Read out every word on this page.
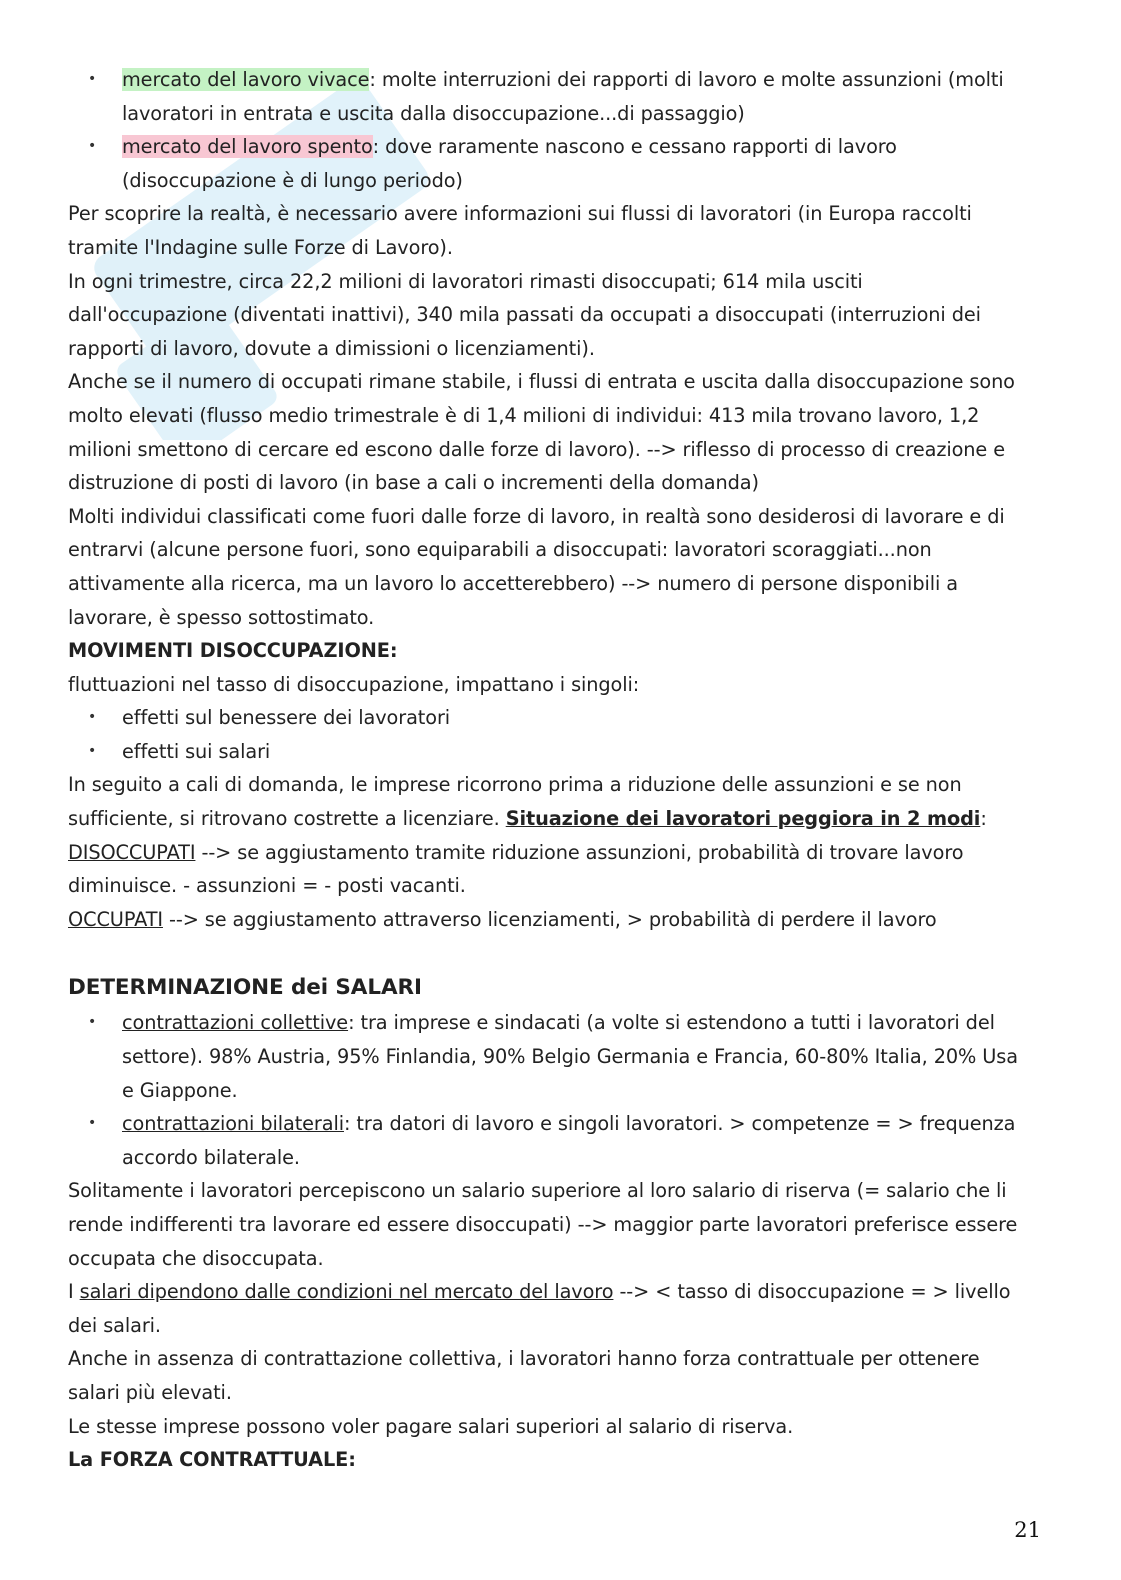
• mercato del lavoro vivace: molte interruzioni dei rapporti di lavoro e molte assunzioni (molti
lavoratori in entrata e uscita dalla disoccupazione...di passaggio)
• mercato del lavoro spento: dove raramente nascono e cessano rapporti di lavoro
(disoccupazione è di lungo periodo)
Per scoprire la realtà, è necessario avere informazioni sui flussi di lavoratori (in Europa raccolti
tramite l'Indagine sulle Forze di Lavoro).
In ogni trimestre, circa 22,2 milioni di lavoratori rimasti disoccupati; 614 mila usciti
dall'occupazione (diventati inattivi), 340 mila passati da occupati a disoccupati (interruzioni dei
rapporti di lavoro, dovute a dimissioni o licenziamenti).
Anche se il numero di occupati rimane stabile, i flussi di entrata e uscita dalla disoccupazione sono
molto elevati (flusso medio trimestrale è di 1,4 milioni di individui: 413 mila trovano lavoro, 1,2
milioni smettono di cercare ed escono dalle forze di lavoro). --> riflesso di processo di creazione e
distruzione di posti di lavoro (in base a cali o incrementi della domanda)
Molti individui classificati come fuori dalle forze di lavoro, in realtà sono desiderosi di lavorare e di
entrarvi (alcune persone fuori, sono equiparabili a disoccupati: lavoratori scoraggiati...non
attivamente alla ricerca, ma un lavoro lo accetterebbero) --> numero di persone disponibili a
lavorare, è spesso sottostimato.
MOVIMENTI DISOCCUPAZIONE:
fluttuazioni nel tasso di disoccupazione, impattano i singoli:
• effetti sul benessere dei lavoratori
• effetti sui salari
In seguito a cali di domanda, le imprese ricorrono prima a riduzione delle assunzioni e se non
sufficiente, si ritrovano costrette a licenziare. Situazione dei lavoratori peggiora in 2 modi:
DISOCCUPATI --> se aggiustamento tramite riduzione assunzioni, probabilità di trovare lavoro
diminuisce. - assunzioni = - posti vacanti.
OCCUPATI --> se aggiustamento attraverso licenziamenti, > probabilità di perdere il lavoro
DETERMINAZIONE dei SALARI
• contrattazioni collettive: tra imprese e sindacati (a volte si estendono a tutti i lavoratori del
settore). 98% Austria, 95% Finlandia, 90% Belgio Germania e Francia, 60-80% Italia, 20% Usa
e Giappone.
• contrattazioni bilaterali: tra datori di lavoro e singoli lavoratori. > competenze = > frequenza
accordo bilaterale.
Solitamente i lavoratori percepiscono un salario superiore al loro salario di riserva (= salario che li
rende indifferenti tra lavorare ed essere disoccupati) --> maggior parte lavoratori preferisce essere
occupata che disoccupata.
I salari dipendono dalle condizioni nel mercato del lavoro --> < tasso di disoccupazione = > livello
dei salari.
Anche in assenza di contrattazione collettiva, i lavoratori hanno forza contrattuale per ottenere
salari più elevati.
Le stesse imprese possono voler pagare salari superiori al salario di riserva.
La FORZA CONTRATTUALE:
21
